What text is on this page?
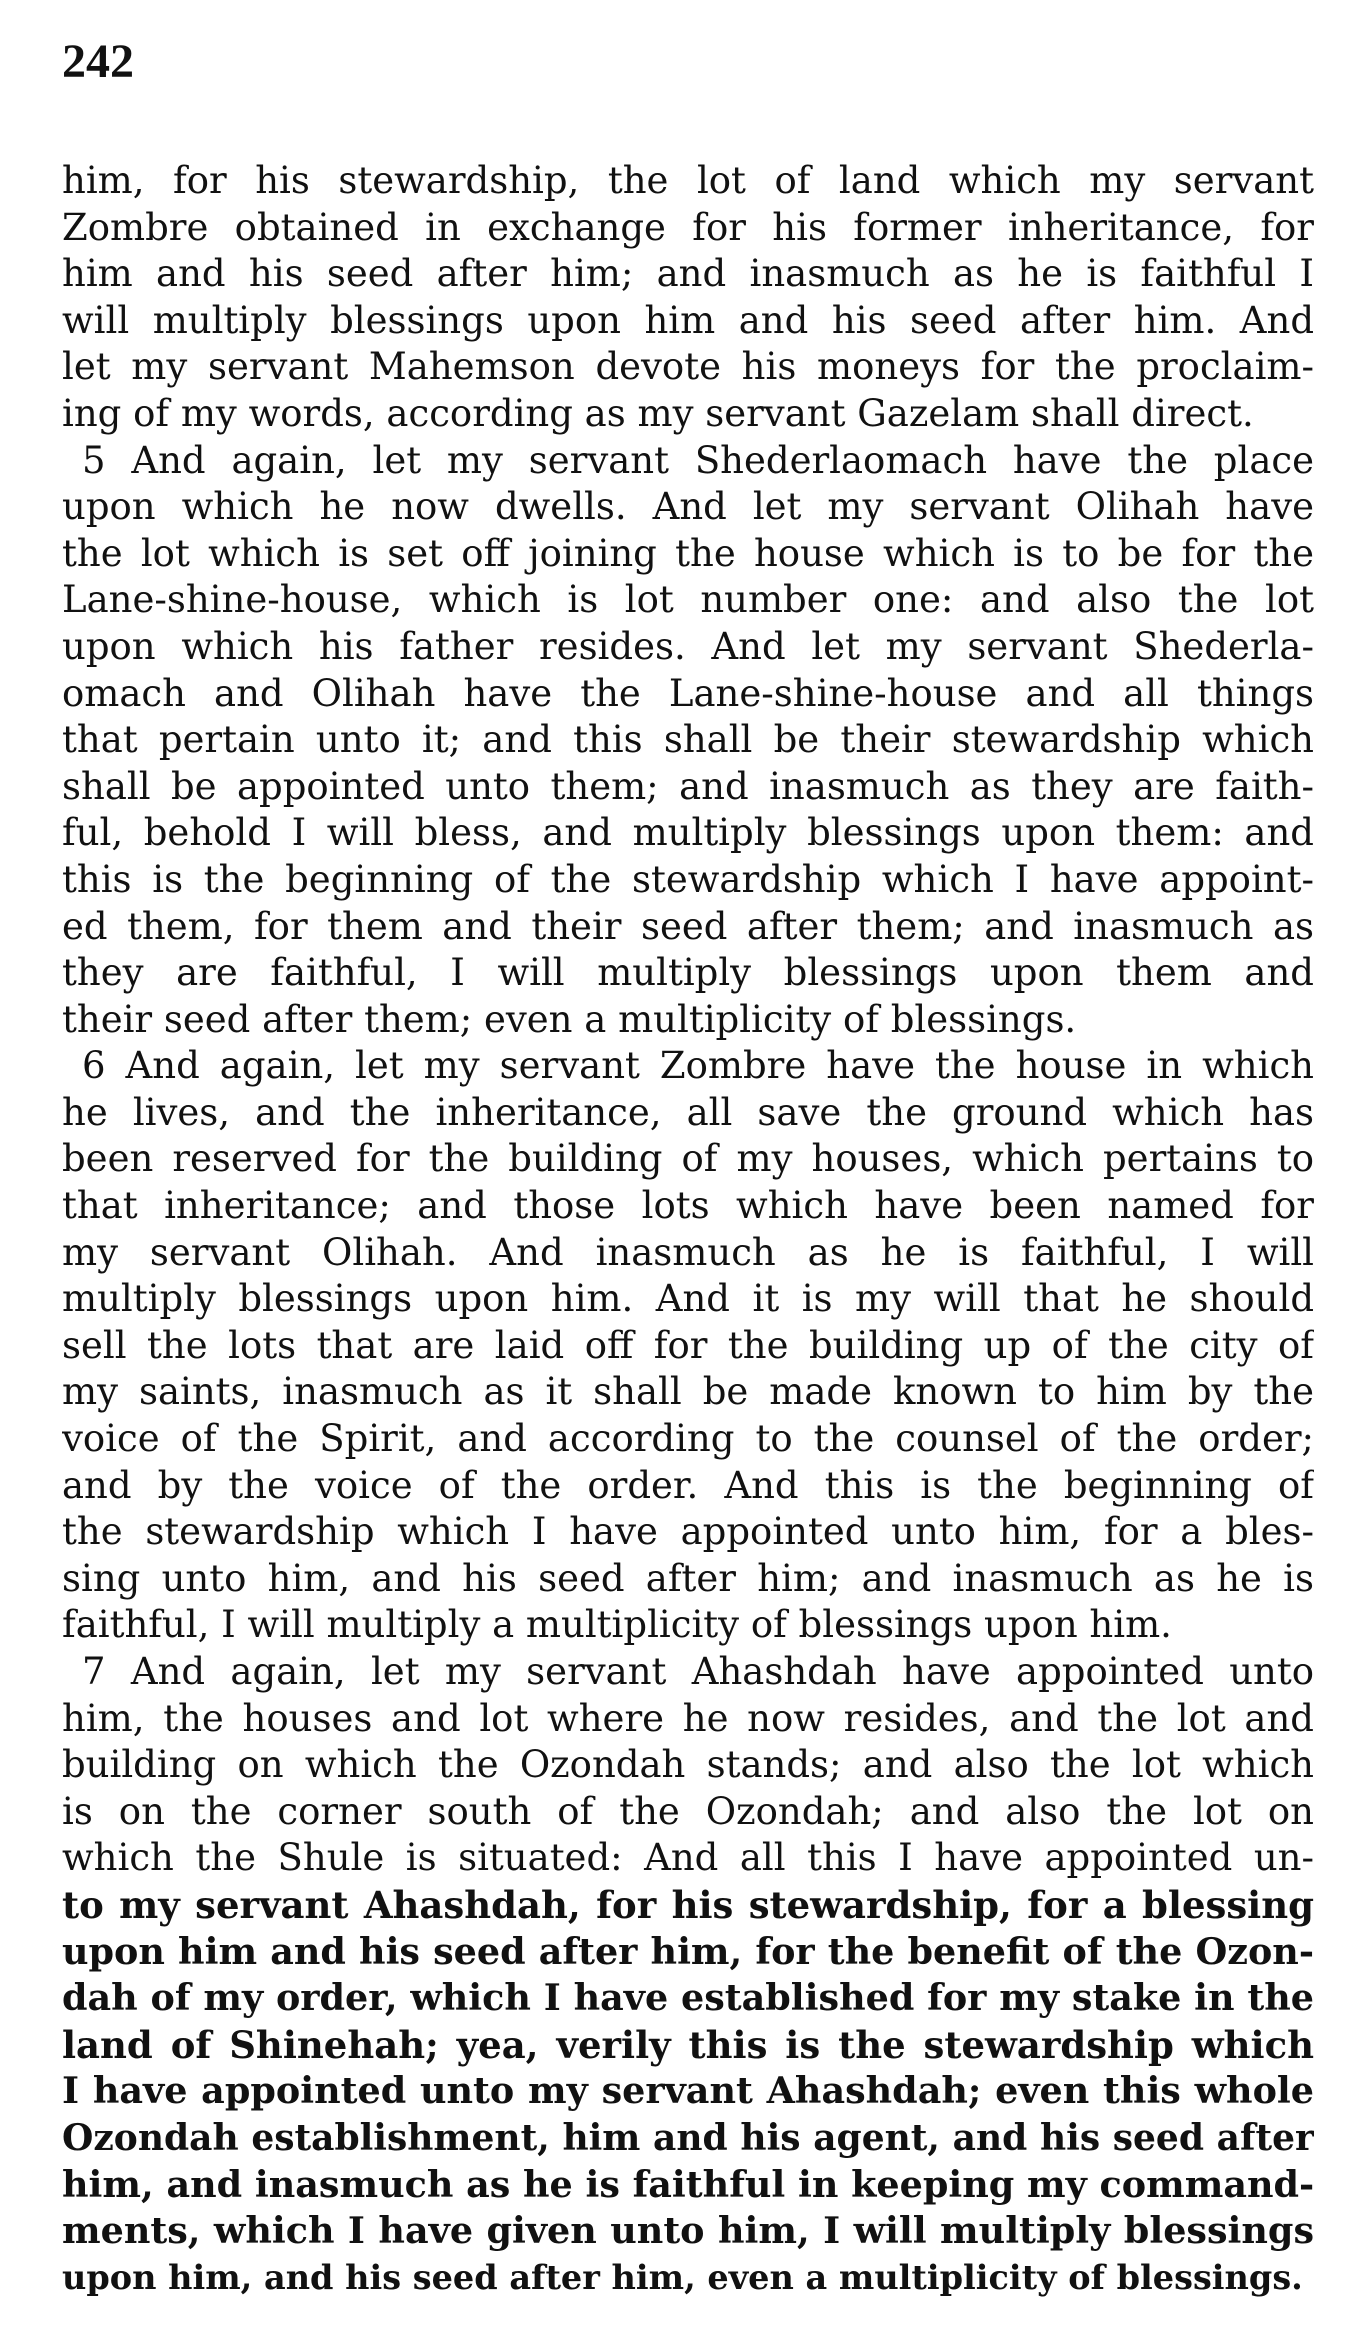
242
him, for his stewardship, the lot of land which my servant
Zombre obtained in exchange for his former inheritance, for
him and his seed after him; and inasmuch as he is faithful I
will multiply blessings upon him and his seed after him. And
let my servant Mahemson devote his moneys for the proclaim-
ing of my words, according as my servant Gazelam shall direct.
5 And again, let my servant Shederlaomach have the place
upon which he now dwells. And let my servant Olihah have
the lot which is set off joining the house which is to be for the
Lane-shine-house, which is lot number one: and also the lot
upon which his father resides. And let my servant Shederla-
omach and Olihah have the Lane-shine-house and all things
that pertain unto it; and this shall be their stewardship which
shall be appointed unto them; and inasmuch as they are faith-
ful, behold I will bless, and multiply blessings upon them: and
this is the beginning of the stewardship which I have appoint-
ed them, for them and their seed after them; and inasmuch as
they are faithful, I will multiply blessings upon them and
their seed after them; even a multiplicity of blessings.
6 And again, let my servant Zombre have the house in which
he lives, and the inheritance, all save the ground which has
been reserved for the building of my houses, which pertains to
that inheritance; and those lots which have been named for
my servant Olihah. And inasmuch as he is faithful, I will
multiply blessings upon him. And it is my will that he should
sell the lots that are laid off for the building up of the city of
my saints, inasmuch as it shall be made known to him by the
voice of the Spirit, and according to the counsel of the order;
and by the voice of the order. And this is the beginning of
the stewardship which I have appointed unto him, for a bles-
sing unto him, and his seed after him; and inasmuch as he is
faithful, I will multiply a multiplicity of blessings upon him.
7 And again, let my servant Ahashdah have appointed unto
him, the houses and lot where he now resides, and the lot and
building on which the Ozondah stands; and also the lot which
is on the corner south of the Ozondah; and also the lot on
which the Shule is situated: And all this I have appointed un-
to my servant Ahashdah, for his stewardship, for a blessing
upon him and his seed after him, for the benefit of the Ozon-
dah of my order, which I have established for my stake in the
land of Shinehah; yea, verily this is the stewardship which
I have appointed unto my servant Ahashdah; even this whole
Ozondah establishment, him and his agent, and his seed after
him, and inasmuch as he is faithful in keeping my command-
ments, which I have given unto him, I will multiply blessings
upon him, and his seed after him, even a multiplicity of blessings.
